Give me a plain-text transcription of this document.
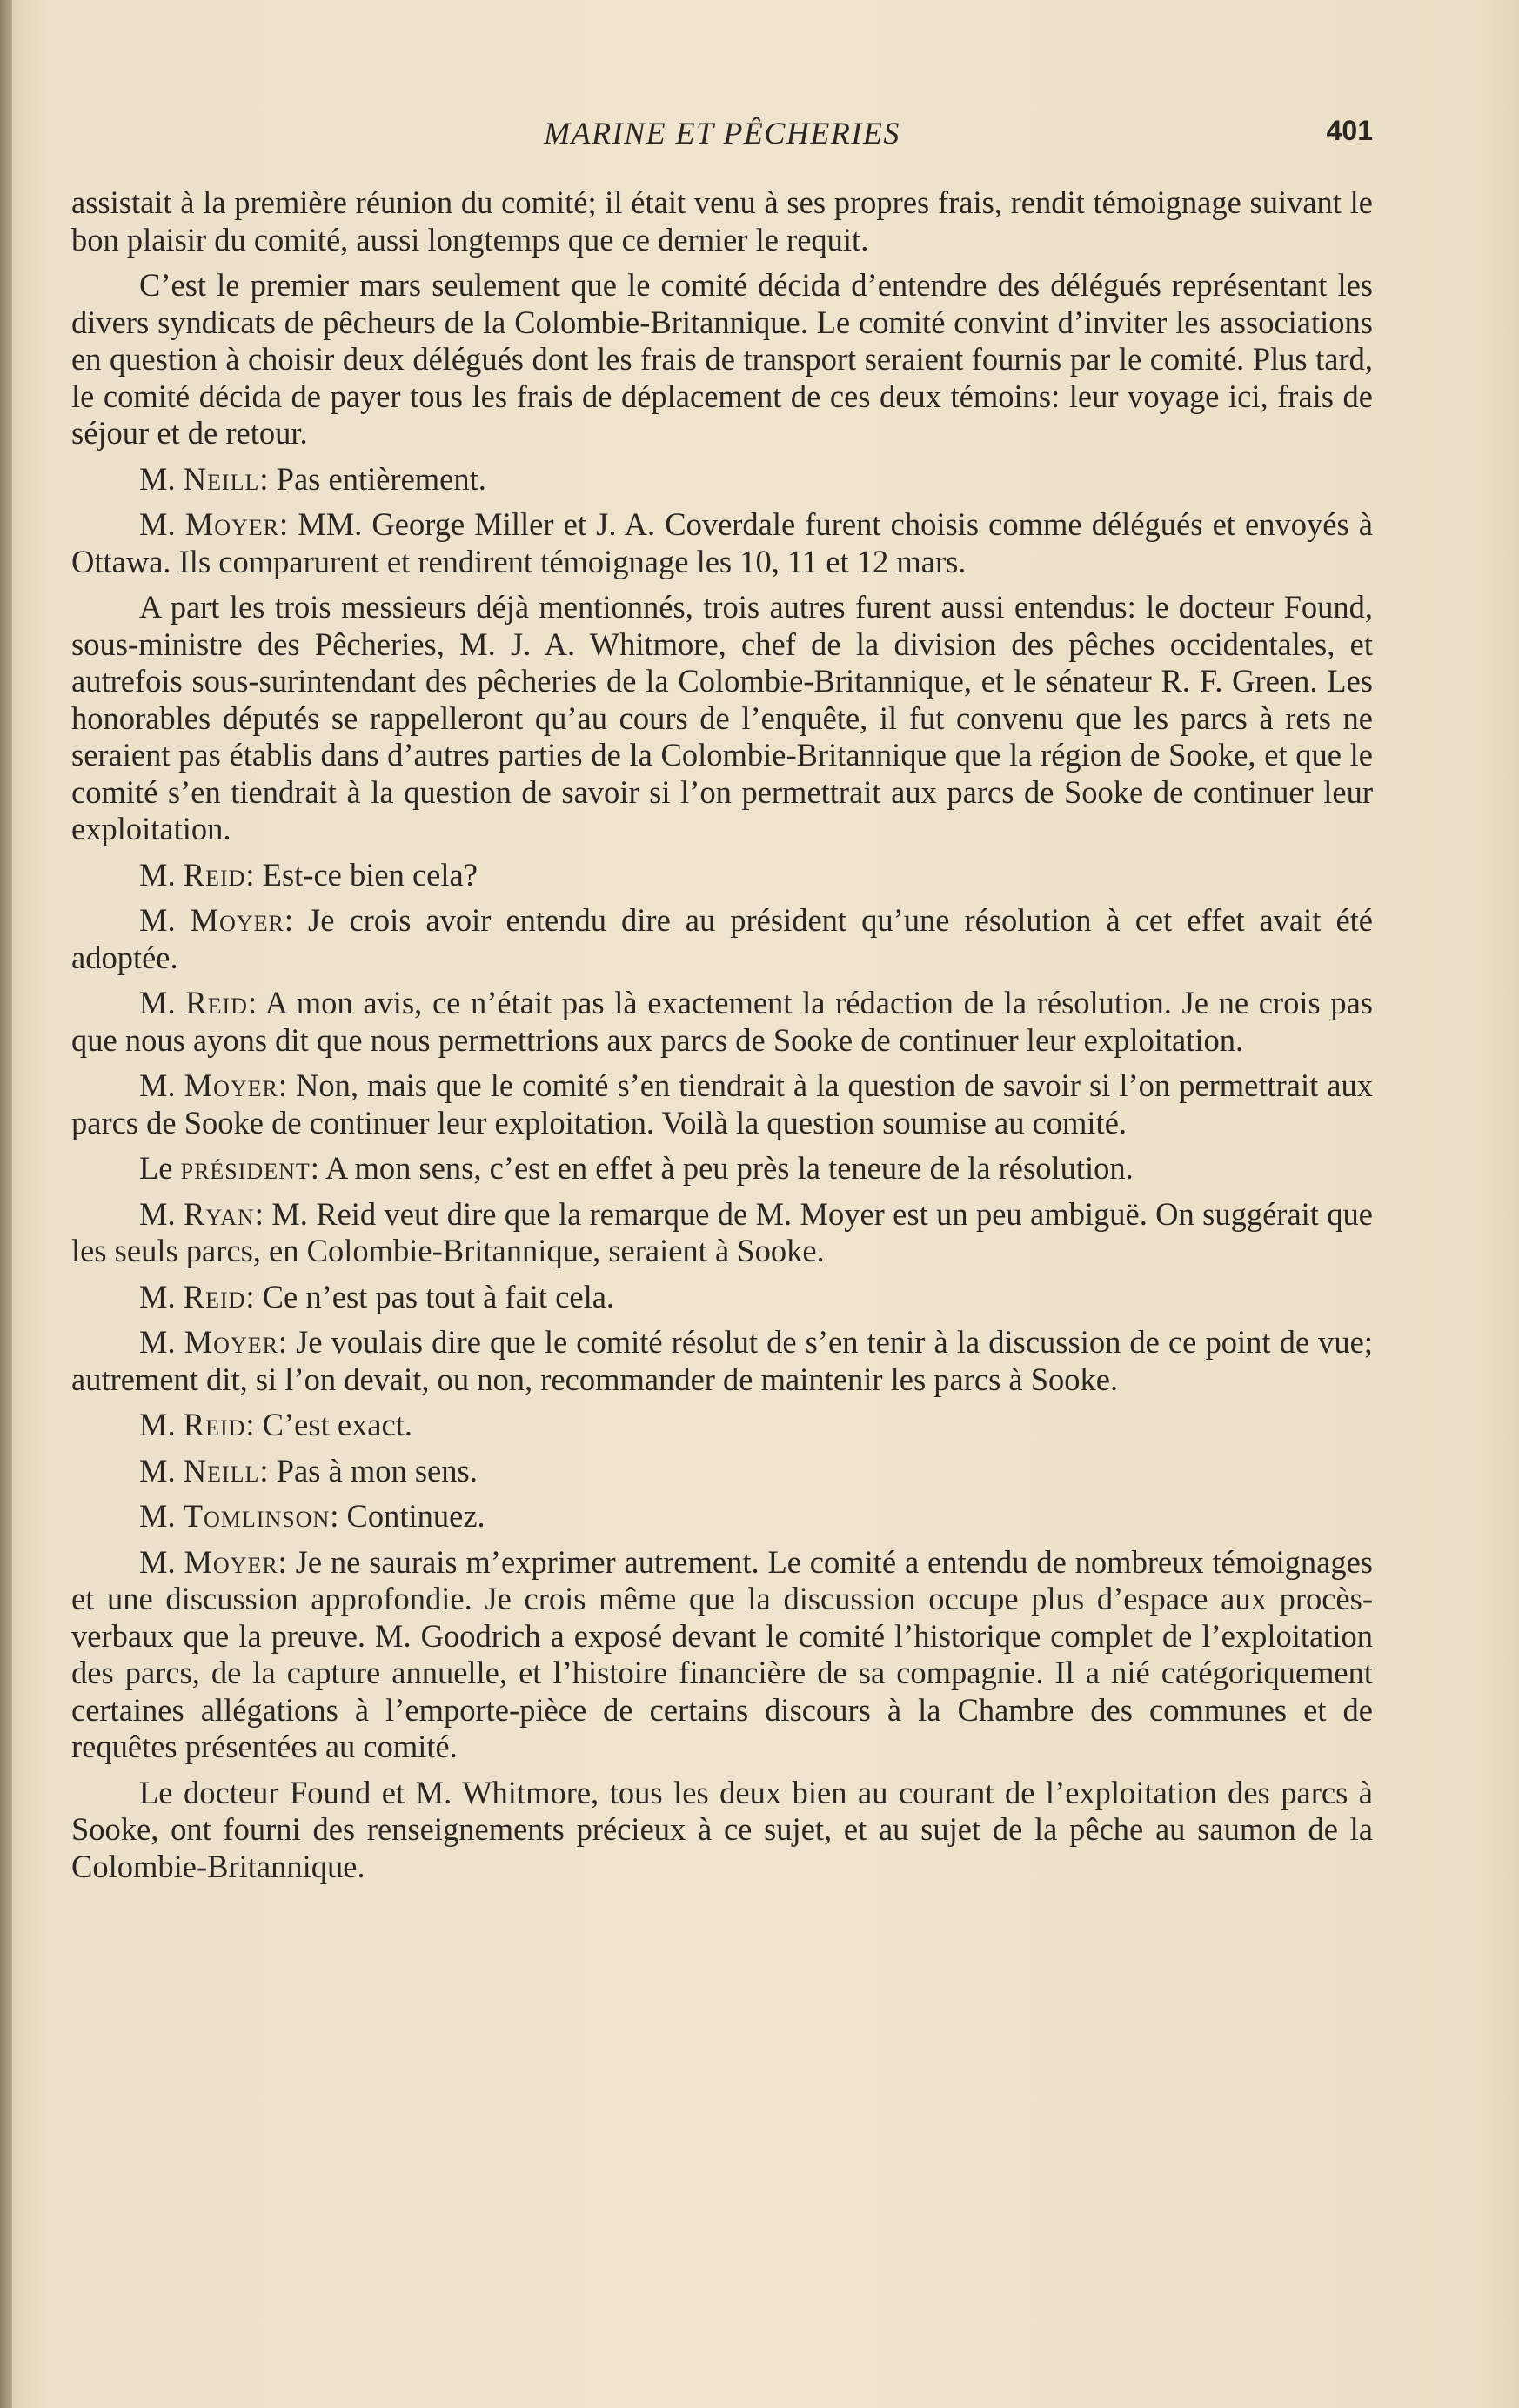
MARINE ET PÊCHERIES	401

assistait à la première réunion du comité; il était venu à ses propres frais, rendit témoignage suivant le bon plaisir du comité, aussi longtemps que ce dernier le requit.

C’est le premier mars seulement que le comité décida d’entendre des délégués représentant les divers syndicats de pêcheurs de la Colombie-Britannique. Le comité convint d’inviter les associations en question à choisir deux délégués dont les frais de transport seraient fournis par le comité. Plus tard, le comité décida de payer tous les frais de déplacement de ces deux témoins: leur voyage ici, frais de séjour et de retour.

M. Neill: Pas entièrement.

M. Moyer: MM. George Miller et J. A. Coverdale furent choisis comme délégués et envoyés à Ottawa. Ils comparurent et rendirent témoignage les 10, 11 et 12 mars.

A part les trois messieurs déjà mentionnés, trois autres furent aussi entendus: le docteur Found, sous-ministre des Pêcheries, M. J. A. Whitmore, chef de la division des pêches occidentales, et autrefois sous-surintendant des pêcheries de la Colombie-Britannique, et le sénateur R. F. Green. Les honorables députés se rappelleront qu’au cours de l’enquête, il fut convenu que les parcs à rets ne seraient pas établis dans d’autres parties de la Colombie-Britannique que la région de Sooke, et que le comité s’en tiendrait à la question de savoir si l’on permettrait aux parcs de Sooke de continuer leur exploitation.

M. Reid: Est-ce bien cela?

M. Moyer: Je crois avoir entendu dire au président qu’une résolution à cet effet avait été adoptée.

M. Reid: A mon avis, ce n’était pas là exactement la rédaction de la résolution. Je ne crois pas que nous ayons dit que nous permettrions aux parcs de Sooke de continuer leur exploitation.

M. Moyer: Non, mais que le comité s’en tiendrait à la question de savoir si l’on permettrait aux parcs de Sooke de continuer leur exploitation. Voilà la question soumise au comité.

Le président: A mon sens, c’est en effet à peu près la teneure de la résolution.

M. Ryan: M. Reid veut dire que la remarque de M. Moyer est un peu ambiguë. On suggérait que les seuls parcs, en Colombie-Britannique, seraient à Sooke.

M. Reid: Ce n’est pas tout à fait cela.

M. Moyer: Je voulais dire que le comité résolut de s’en tenir à la discussion de ce point de vue; autrement dit, si l’on devait, ou non, recommander de maintenir les parcs à Sooke.

M. Reid: C’est exact.

M. Neill: Pas à mon sens.

M. Tomlinson: Continuez.

M. Moyer: Je ne saurais m’exprimer autrement. Le comité a entendu de nombreux témoignages et une discussion approfondie. Je crois même que la discussion occupe plus d’espace aux procès-verbaux que la preuve. M. Goodrich a exposé devant le comité l’historique complet de l’exploitation des parcs, de la capture annuelle, et l’histoire financière de sa compagnie. Il a nié catégoriquement certaines allégations à l’emporte-pièce de certains discours à la Chambre des communes et de requêtes présentées au comité.

Le docteur Found et M. Whitmore, tous les deux bien au courant de l’exploitation des parcs à Sooke, ont fourni des renseignements précieux à ce sujet, et au sujet de la pêche au saumon de la Colombie-Britannique.
